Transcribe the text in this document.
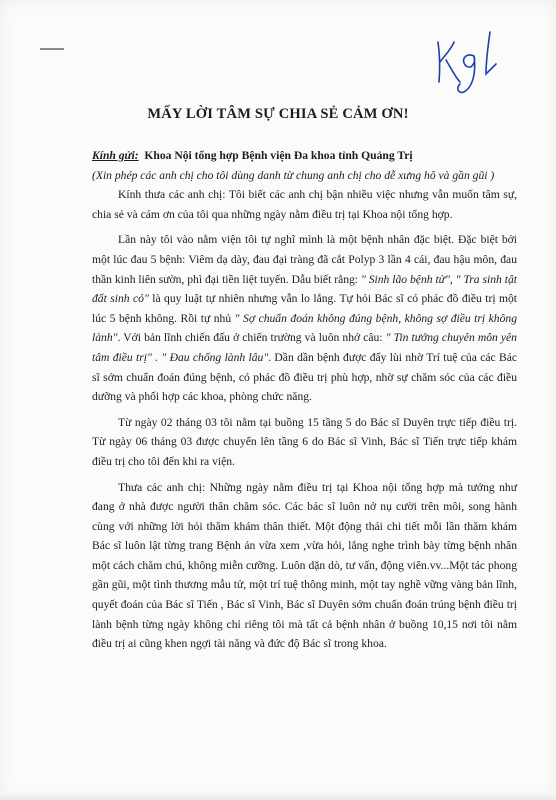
MẤY LỜI TÂM SỰ CHIA SẺ CẢM ƠN!

Kính gửi: Khoa Nội tổng hợp Bệnh viện Đa khoa tỉnh Quảng Trị

(Xin phép các anh chị cho tôi dùng danh từ chung anh chị cho dễ xưng hô và gần gũi )

Kính thưa các anh chị: Tôi biết các anh chị bận nhiều việc nhưng vẫn muốn tâm sự, chia sẻ và cám ơn của tôi qua những ngày nằm điều trị tại Khoa nội tổng hợp.

Lần này tôi vào nằm viện tôi tự nghĩ mình là một bệnh nhân đặc biệt. Đặc biệt bởi một lúc đau 5 bệnh: Viêm dạ dày, đau đại tràng đã cắt Polyp 3 lần 4 cái, đau hậu môn, đau thần kinh liên sườn, phì đại tiền liệt tuyến. Dẫu biết rằng: " Sinh lão bệnh tử", " Tra sinh tật đất sinh cỏ" là quy luật tự nhiên nhưng vẫn lo lắng. Tự hỏi Bác sĩ có phác đồ điều trị một lúc 5 bệnh không. Rồi tự nhủ " Sợ chuẩn đoán không đúng bệnh, không sợ điều trị không lành". Với bản lĩnh chiến đấu ở chiến trường và luôn nhớ câu: " Tin tưởng chuyên môn yên tâm điều trị" . " Đau chống lành lâu". Dần dần bệnh được đẩy lùi nhờ Trí tuệ của các Bác sĩ sớm chuẩn đoán đúng bệnh, có phác đồ điều trị phù hợp, nhờ sự chăm sóc của các điều dưỡng và phối hợp các khoa, phòng chức năng.

Từ ngày 02 tháng 03 tôi nằm tại buồng 15 tầng 5 do Bác sĩ Duyên trực tiếp điều trị. Từ ngày 06 tháng 03 được chuyển lên tầng 6 do Bác sĩ Vinh, Bác sĩ Tiến trực tiếp khám điều trị cho tôi đến khi ra viện.

Thưa các anh chị: Những ngày nằm điều trị tại Khoa nội tổng hợp mà tưởng như đang ở nhà được người thân chăm sóc. Các bác sĩ luôn nở nụ cười trên môi, song hành cùng với những lời hỏi thăm khám thân thiết. Một động thái chi tiết mỗi lần thăm khám Bác sĩ luôn lật từng trang Bệnh án vừa xem ,vừa hỏi, lắng nghe trình bày từng bệnh nhân một cách chăm chú, không miễn cưỡng. Luôn dặn dò, tư vấn, động viên.vv...Một tác phong gần gũi, một tình thương mẫu tử, một trí tuệ thông minh, một tay nghề vững vàng bản lĩnh, quyết đoán của Bác sĩ Tiến , Bác sĩ Vinh, Bác sĩ Duyên sớm chuẩn đoán trúng bệnh điều trị lành bệnh từng ngày không chỉ riêng tôi mà tất cả bệnh nhân ở buồng 10,15 nơi tôi nằm điều trị ai cũng khen ngợi tài năng và đức độ Bác sĩ trong khoa.
